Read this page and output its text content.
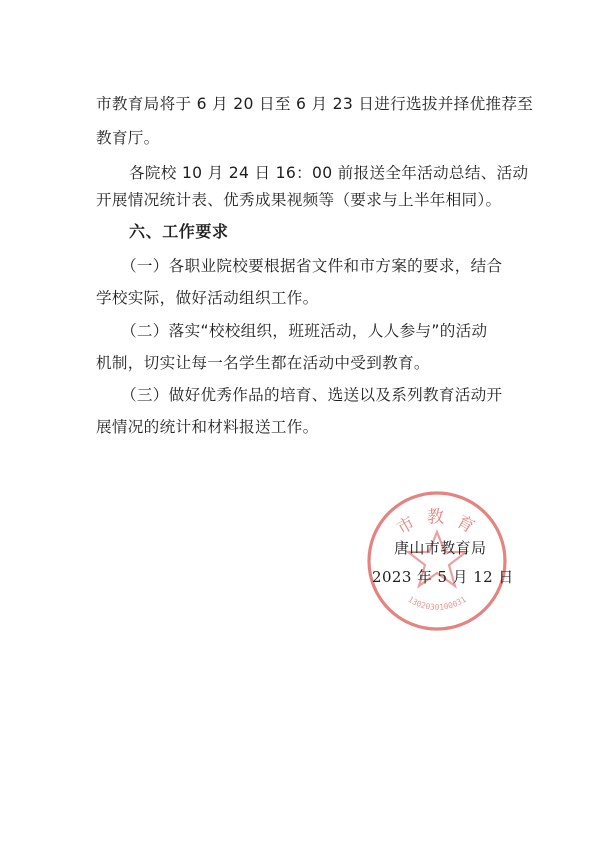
市教育局将于 6 月 20 日至 6 月 23 日进行选拔并择优推荐至
教育厅。
各院校 10 月 24 日 16：00 前报送全年活动总结、活动
开展情况统计表、优秀成果视频等（要求与上半年相同）。
六、工作要求
（一）各职业院校要根据省文件和市方案的要求，结合
学校实际，做好活动组织工作。
（二）落实“校校组织，班班活动，人人参与”的活动
机制，切实让每一名学生都在活动中受到教育。
（三）做好优秀作品的培育、选送以及系列教育活动开
展情况的统计和材料报送工作。
市 教 育
1302030100031
唐山市教育局
2023 年 5 月 12 日
